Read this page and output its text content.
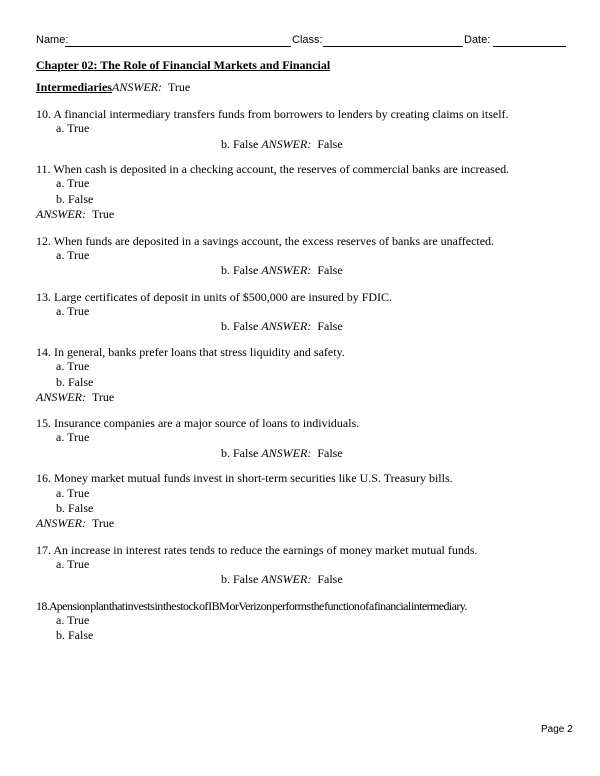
Name:	Class:	Date:
Chapter 02: The Role of Financial Markets and Financial
IntermediariesANSWER: True
10. A financial intermediary transfers funds from borrowers to lenders by creating claims on itself.
a. True
b. False ANSWER: False
11. When cash is deposited in a checking account, the reserves of commercial banks are increased.
a. True
b. False
ANSWER: True
12. When funds are deposited in a savings account, the excess reserves of banks are unaffected.
a. True
b. False ANSWER: False
13. Large certificates of deposit in units of $500,000 are insured by FDIC.
a. True
b. False ANSWER: False
14. In general, banks prefer loans that stress liquidity and safety.
a. True
b. False
ANSWER: True
15. Insurance companies are a major source of loans to individuals.
a. True
b. False ANSWER: False
16. Money market mutual funds invest in short-term securities like U.S. Treasury bills.
a. True
b. False
ANSWER: True
17. An increase in interest rates tends to reduce the earnings of money market mutual funds.
a. True
b. False ANSWER: False
18. A pension plan that invests in the stock of IBM or Verizon performs the function of a financial intermediary.
a. True
b. False
Page 2
